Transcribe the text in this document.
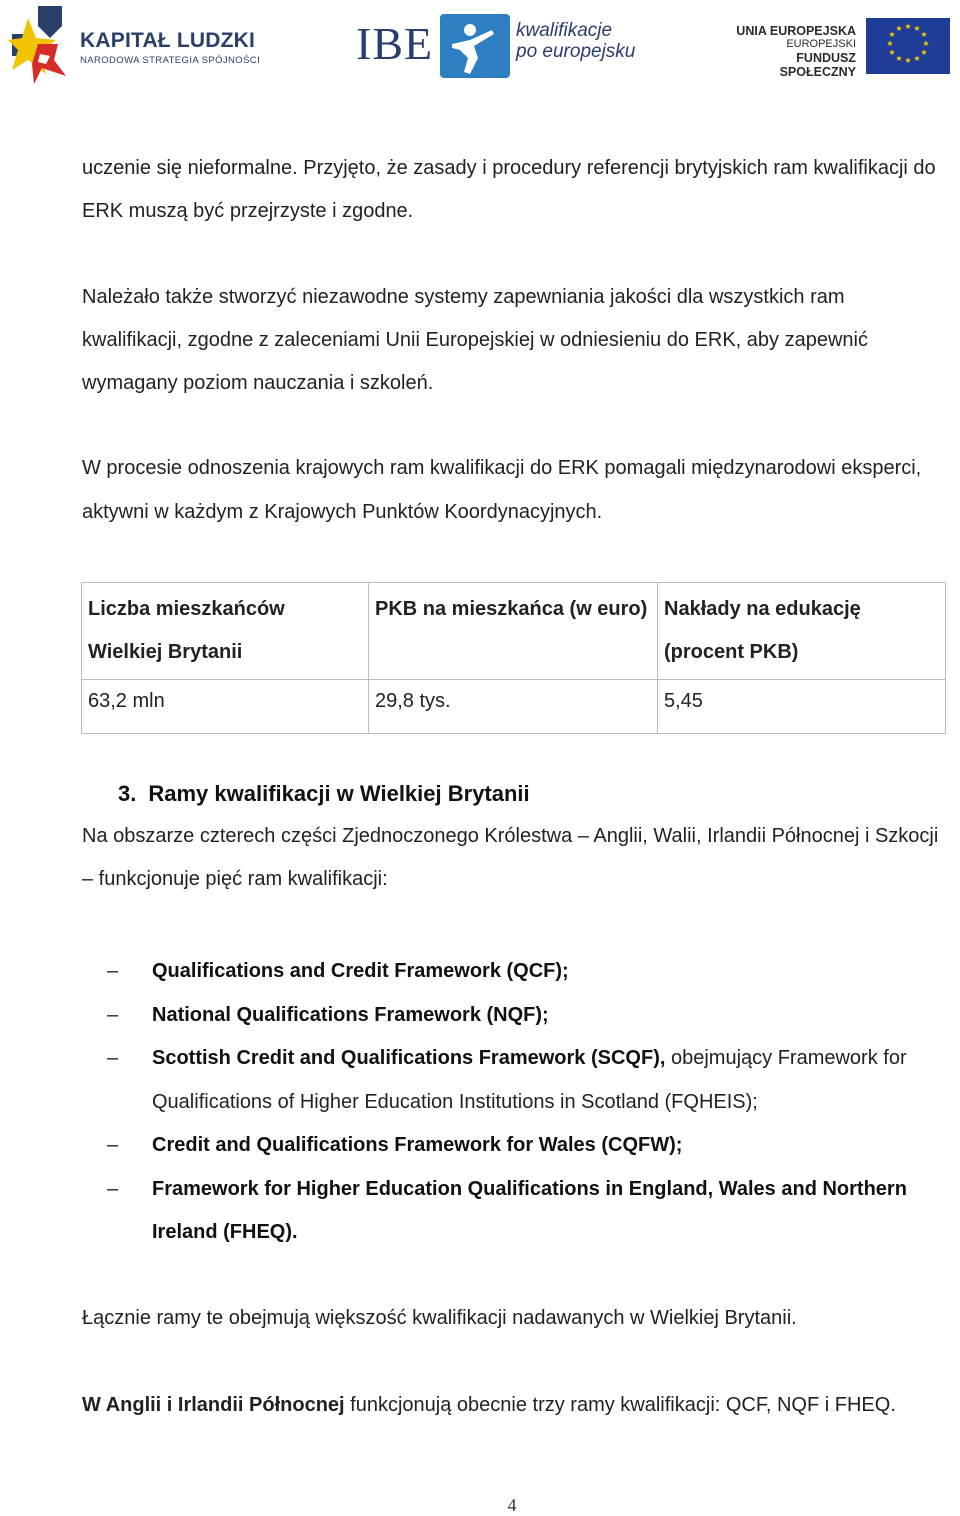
KAPITAŁ LUDZKI
NARODOWA STRATEGIA SPÓJNOŚCI IBE	kwalifikacje
po europejsku
UNIA EUROPEJSKA
EUROPEJSKI
FUNDUSZ SPOŁECZNY
★ ★
★
★
★
★
★
★
★
★
★
★

uczenie się nieformalne. Przyjęto, że zasady i procedury referencji brytyjskich ram kwalifikacji do ERK muszą być przejrzyste i zgodne.

Należało także stworzyć niezawodne systemy zapewniania jakości dla wszystkich ram kwalifikacji, zgodne z zaleceniami Unii Europejskiej w odniesieniu do ERK, aby zapewnić wymagany poziom nauczania i szkoleń.

W procesie odnoszenia krajowych ram kwalifikacji do ERK pomagali międzynarodowi eksperci, aktywni w każdym z Krajowych Punktów Koordynacyjnych.

Liczba mieszkańców Wielkiej Brytanii	PKB na mieszkańca (w euro)	Nakłady na edukację (procent PKB)
63,2 mln	29,8 tys.	5,45
3. Ramy kwalifikacji w Wielkiej Brytanii

Na obszarze czterech części Zjednoczonego Królestwa – Anglii, Walii, Irlandii Północnej i Szkocji – funkcjonuje pięć ram kwalifikacji:

– Qualifications and Credit Framework (QCF);
– National Qualifications Framework (NQF);
– Scottish Credit and Qualifications Framework (SCQF), obejmujący Framework for Qualifications of Higher Education Institutions in Scotland (FQHEIS);
– Credit and Qualifications Framework for Wales (CQFW);
– Framework for Higher Education Qualifications in England, Wales and Northern Ireland (FHEQ).
Łącznie ramy te obejmują większość kwalifikacji nadawanych w Wielkiej Brytanii.
W Anglii i Irlandii Północnej funkcjonują obecnie trzy ramy kwalifikacji: QCF, NQF i FHEQ.
4
